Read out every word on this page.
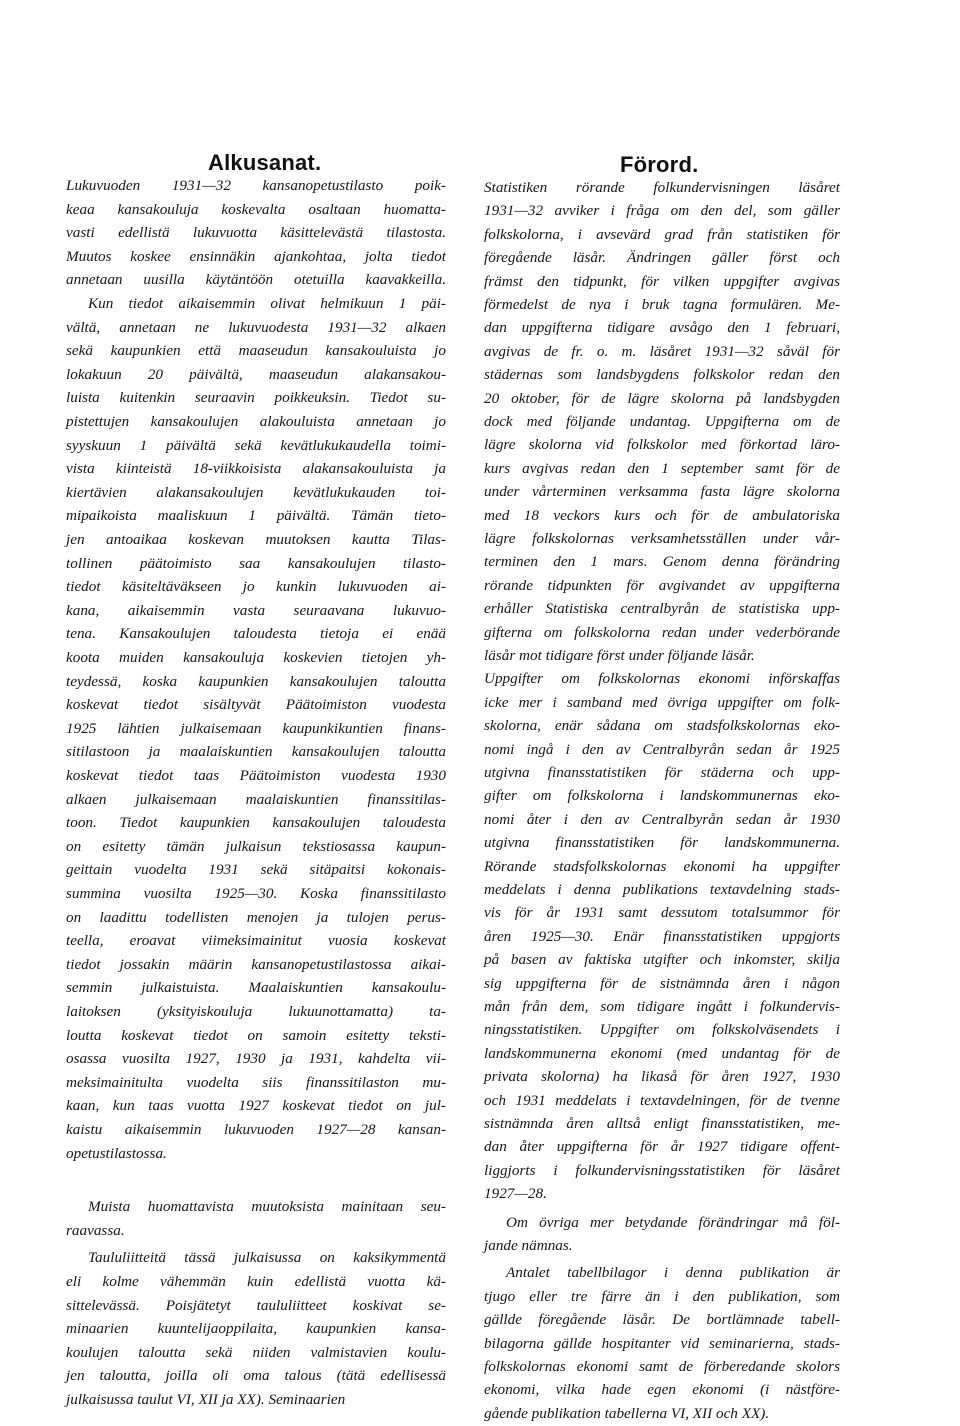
Alkusanat.	Förord.
Lukuvuoden 1931—32 kansanopetustilasto poik-
keaa kansakouluja koskevalta osaltaan huomatta-
vasti edellistä lukuvuotta käsittelevästä tilastosta.
Muutos koskee ensinnäkin ajankohtaa, jolta tiedot
annetaan uusilla käytäntöön otetuilla kaavakkeilla.
Kun tiedot aikaisemmin olivat helmikuun 1 päi-
vältä, annetaan ne lukuvuodesta 1931—32 alkaen
sekä kaupunkien että maaseudun kansakouluista jo
lokakuun 20 päivältä, maaseudun alakansakou-
luista kuitenkin seuraavin poikkeuksin. Tiedot su-
pistettujen kansakoulujen alakouluista annetaan jo
syyskuun 1 päivältä sekä kevätlukukaudella toimi-
vista kiinteistä 18-viikkoisista alakansakouluista ja
kiertävien alakansakoulujen kevätlukukauden toi-
mipaikoista maaliskuun 1 päivältä. Tämän tieto-
jen antoaikaa koskevan muutoksen kautta Tilas-
tollinen päätoimisto saa kansakoulujen tilasto-
tiedot käsiteltäväkseen jo kunkin lukuvuoden ai-
kana, aikaisemmin vasta seuraavana lukuvuo-
tena. Kansakoulujen taloudesta tietoja ei enää
koota muiden kansakouluja koskevien tietojen yh-
teydessä, koska kaupunkien kansakoulujen taloutta
koskevat tiedot sisältyvät Päätoimiston vuodesta
1925 lähtien julkaisemaan kaupunkikuntien finans-
sitilastoon ja maalaiskuntien kansakoulujen taloutta
koskevat tiedot taas Päätoimiston vuodesta 1930
alkaen julkaisemaan maalaiskuntien finanssitilas-
toon. Tiedot kaupunkien kansakoulujen taloudesta
on esitetty tämän julkaisun tekstiosassa kaupun-
geittain vuodelta 1931 sekä sitäpaitsi kokonais-
summina vuosilta 1925—30. Koska finanssitilasto
on laadittu todellisten menojen ja tulojen perus-
teella, eroavat viimeksimainitut vuosia koskevat
tiedot jossakin määrin kansanopetustilastossa aikai-
semmin julkaistuista. Maalaiskuntien kansakoulu-
laitoksen (yksityiskouluja lukuunottamatta) ta-
loutta koskevat tiedot on samoin esitetty teksti-
osassa vuosilta 1927, 1930 ja 1931, kahdelta vii-
meksimainitulta vuodelta siis finanssitilaston mu-
kaan, kun taas vuotta 1927 koskevat tiedot on jul-
kaistu aikaisemmin lukuvuoden 1927—28 kansan-
opetustilastossa.
Muista huomattavista muutoksista mainitaan seu-
raavassa.
Taululiitteitä tässä julkaisussa on kaksikymmentä
eli kolme vähemmän kuin edellistä vuotta kä-
sittelevässä. Poisjätetyt taululiitteet koskivat se-
minaarien kuuntelijaoppilaita, kaupunkien kansa-
koulujen taloutta sekä niiden valmistavien koulu-
jen taloutta, joilla oli oma talous (tätä edellisessä
julkaisussa taulut VI, XII ja XX). Seminaarien
Statistiken rörande folkundervisningen läsåret
1931—32 avviker i fråga om den del, som gäller
folkskolorna, i avsevärd grad från statistiken för
föregående läsår. Ändringen gäller först och
främst den tidpunkt, för vilken uppgifter avgivas
förmedelst de nya i bruk tagna formulären. Me-
dan uppgifterna tidigare avsågo den 1 februari,
avgivas de fr. o. m. läsåret 1931—32 såväl för
städernas som landsbygdens folkskolor redan den
20 oktober, för de lägre skolorna på landsbygden
dock med följande undantag. Uppgifterna om de
lägre skolorna vid folkskolor med förkortad läro-
kurs avgivas redan den 1 september samt för de
under vårterminen verksamma fasta lägre skolorna
med 18 veckors kurs och för de ambulatoriska
lägre folkskolornas verksamhetsställen under vår-
terminen den 1 mars. Genom denna förändring
rörande tidpunkten för avgivandet av uppgifterna
erhåller Statistiska centralbyrån de statistiska upp-
gifterna om folkskolorna redan under vederbörande
läsår mot tidigare först under följande läsår.
Uppgifter om folkskolornas ekonomi införskaffas
icke mer i samband med övriga uppgifter om folk-
skolorna, enär sådana om stadsfolkskolornas eko-
nomi ingå i den av Centralbyrån sedan år 1925
utgivna finansstatistiken för städerna och upp-
gifter om folkskolorna i landskommunernas eko-
nomi åter i den av Centralbyrån sedan år 1930
utgivna finansstatistiken för landskommunerna.
Rörande stadsfolkskolornas ekonomi ha uppgifter
meddelats i denna publikations textavdelning stads-
vis för år 1931 samt dessutom totalsummor för
åren 1925—30. Enär finansstatistiken uppgjorts
på basen av faktiska utgifter och inkomster, skilja
sig uppgifterna för de sistnämnda åren i någon
mån från dem, som tidigare ingått i folkundervis-
ningsstatistiken. Uppgifter om folkskolväsendets i
landskommunerna ekonomi (med undantag för de
privata skolorna) ha likaså för åren 1927, 1930
och 1931 meddelats i textavdelningen, för de tvenne
sistnämnda åren alltså enligt finansstatistiken, me-
dan åter uppgifterna för år 1927 tidigare offent-
liggjorts i folkundervisningsstatistiken för läsåret
1927—28.
Om övriga mer betydande förändringar må föl-
jande nämnas.
Antalet tabellbilagor i denna publikation är
tjugo eller tre färre än i den publikation, som
gällde föregående läsår. De bortlämnade tabell-
bilagorna gällde hospitanter vid seminarierna, stads-
folkskolornas ekonomi samt de förberedande skolors
ekonomi, vilka hade egen ekonomi (i nästföre-
gående publikation tabellerna VI, XII och XX).
